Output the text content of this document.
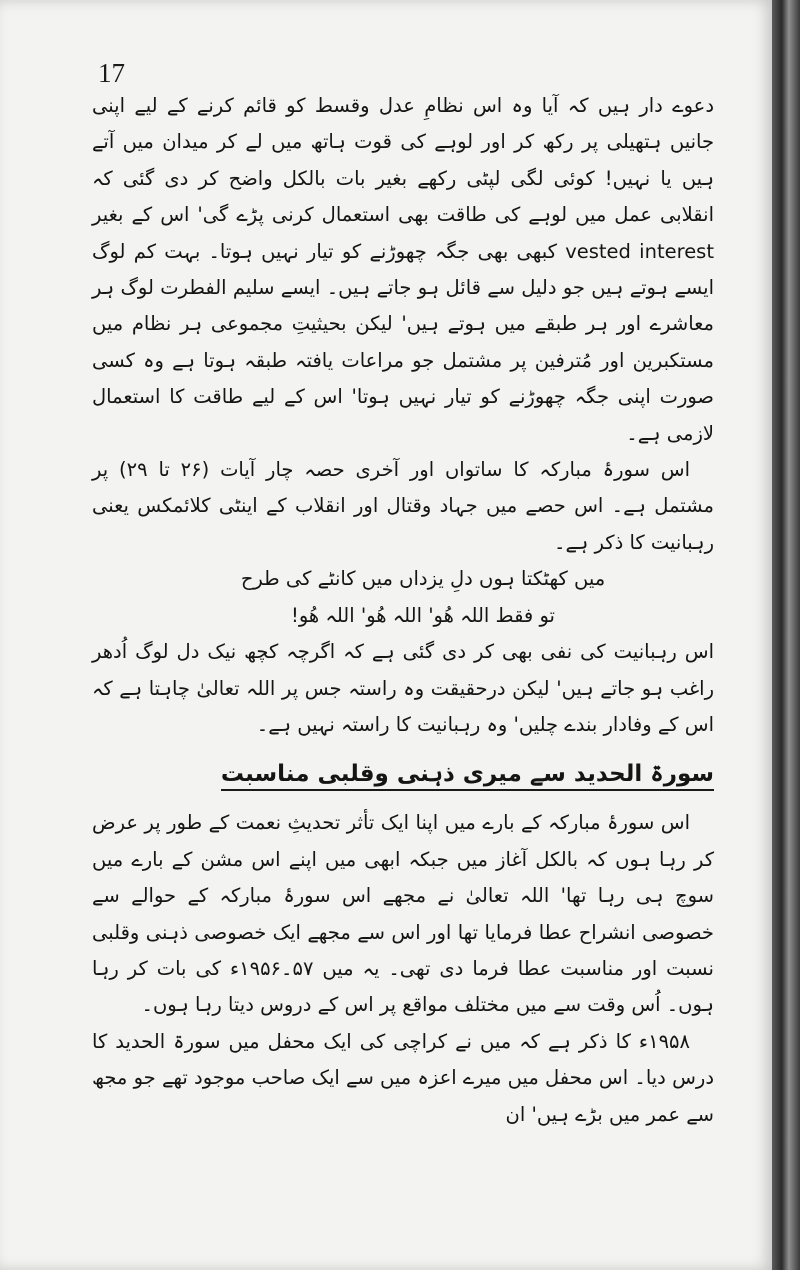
17

دعوے دار ہیں کہ آیا وہ اس نظامِ عدل وقسط کو قائم کرنے کے لیے اپنی جانیں ہتھیلی پر رکھ کر اور لوہے کی قوت ہاتھ میں لے کر میدان میں آتے ہیں یا نہیں! کوئی لگی لپٹی رکھے بغیر بات بالکل واضح کر دی گئی کہ انقلابی عمل میں لوہے کی طاقت بھی استعمال کرنی پڑے گی' اس کے بغیر vested interest کبھی بھی جگہ چھوڑنے کو تیار نہیں ہوتا۔ بہت کم لوگ ایسے ہوتے ہیں جو دلیل سے قائل ہو جاتے ہیں۔ ایسے سلیم الفطرت لوگ ہر معاشرے اور ہر طبقے میں ہوتے ہیں' لیکن بحیثیتِ مجموعی ہر نظام میں مستکبرین اور مُترفین پر مشتمل جو مراعات یافتہ طبقہ ہوتا ہے وہ کسی صورت اپنی جگہ چھوڑنے کو تیار نہیں ہوتا' اس کے لیے طاقت کا استعمال لازمی ہے۔

اس سورۂ مبارکہ کا ساتواں اور آخری حصہ چار آیات (۲۶ تا ۲۹) پر مشتمل ہے۔ اس حصے میں جہاد وقتال اور انقلاب کے اینٹی کلائمکس یعنی رہبانیت کا ذکر ہے۔

میں کھٹکتا ہوں دلِ یزداں میں کانٹے کی طرح

تو فقط اللہ ھُو' اللہ ھُو' اللہ ھُو!

اس رہبانیت کی نفی بھی کر دی گئی ہے کہ اگرچہ کچھ نیک دل لوگ اُدھر راغب ہو جاتے ہیں' لیکن درحقیقت وہ راستہ جس پر اللہ تعالیٰ چاہتا ہے کہ اس کے وفادار بندے چلیں' وہ رہبانیت کا راستہ نہیں ہے۔

سورۃ الحدید سے میری ذہنی وقلبی مناسبت

اس سورۂ مبارکہ کے بارے میں اپنا ایک تأثر تحدیثِ نعمت کے طور پر عرض کر رہا ہوں کہ بالکل آغاز میں جبکہ ابھی میں اپنے اس مشن کے بارے میں سوچ ہی رہا تھا' اللہ تعالیٰ نے مجھے اس سورۂ مبارکہ کے حوالے سے خصوصی انشراح عطا فرمایا تھا اور اس سے مجھے ایک خصوصی ذہنی وقلبی نسبت اور مناسبت عطا فرما دی تھی۔ یہ میں ۵۷۔۱۹۵۶ء کی بات کر رہا ہوں۔ اُس وقت سے میں مختلف مواقع پر اس کے دروس دیتا رہا ہوں۔

۱۹۵۸ء کا ذکر ہے کہ میں نے کراچی کی ایک محفل میں سورۃ الحدید کا درس دیا۔ اس محفل میں میرے اعزہ میں سے ایک صاحب موجود تھے جو مجھ سے عمر میں بڑے ہیں' ان
